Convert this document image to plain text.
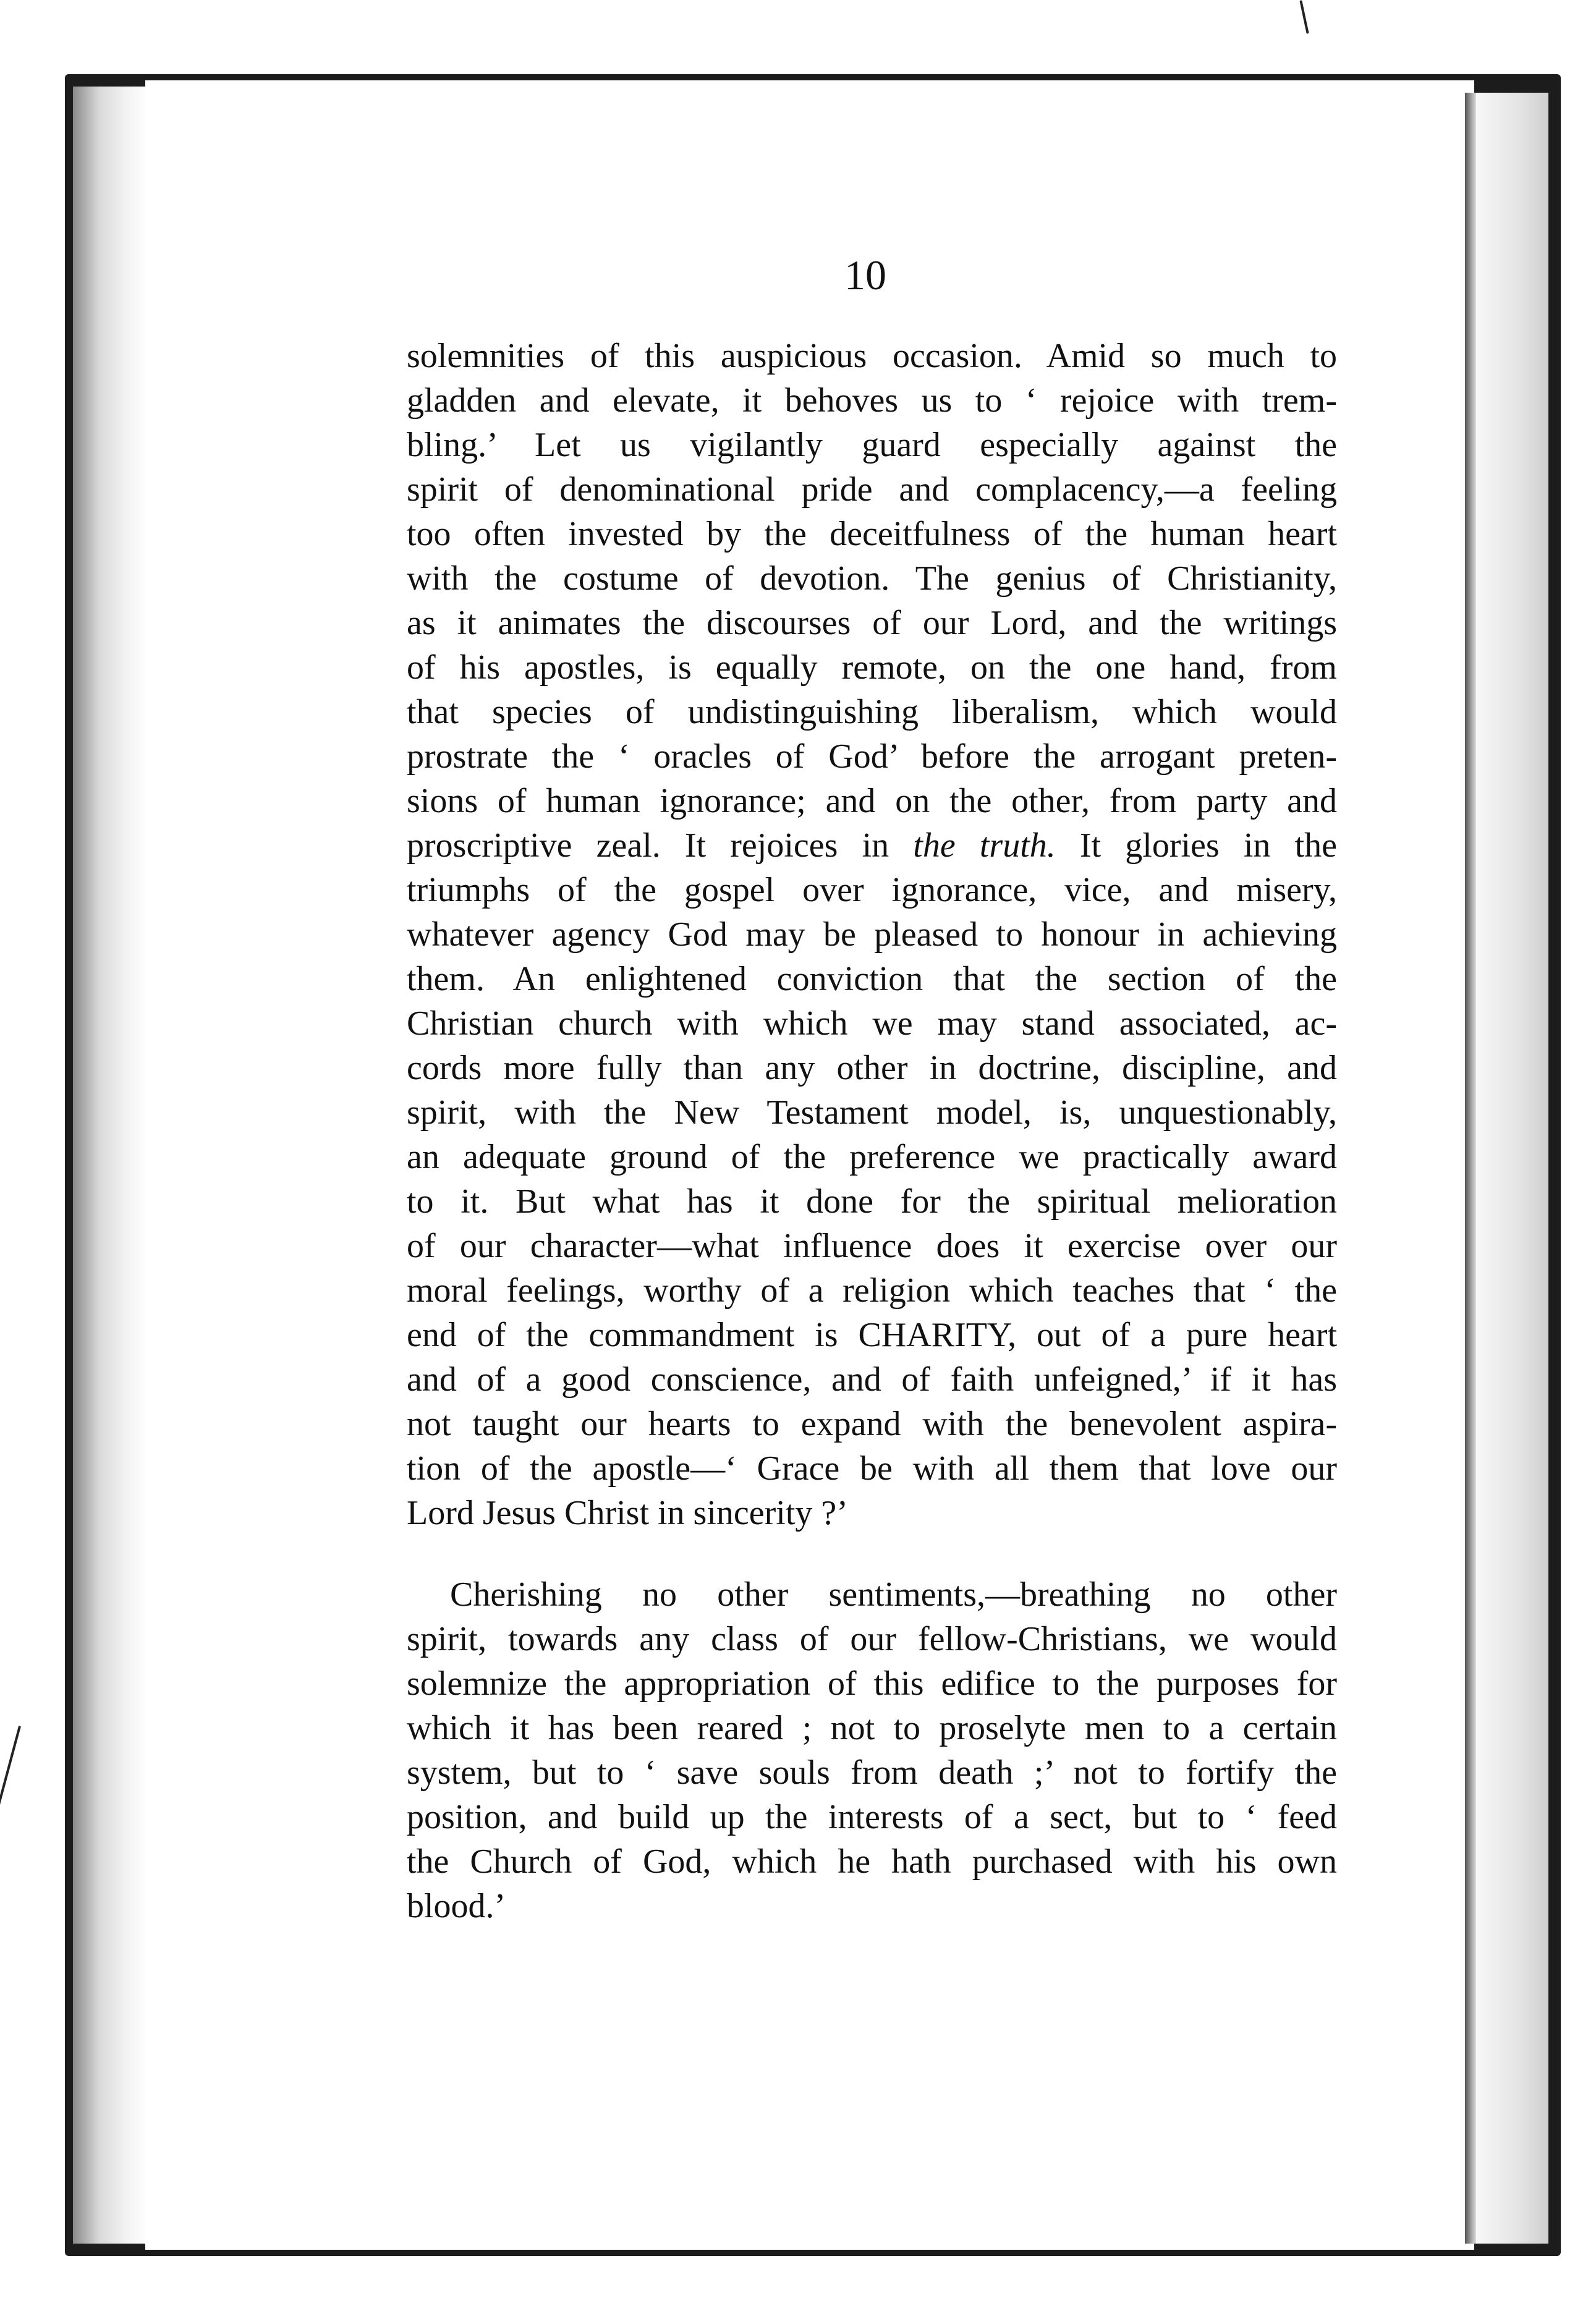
10
solemnities of this auspicious occasion. Amid so much to
gladden and elevate, it behoves us to ‘ rejoice with trem-
bling.’ Let us vigilantly guard especially against the
spirit of denominational pride and complacency,—a feeling
too often invested by the deceitfulness of the human heart
with the costume of devotion. The genius of Christianity,
as it animates the discourses of our Lord, and the writings
of his apostles, is equally remote, on the one hand, from
that species of undistinguishing liberalism, which would
prostrate the ‘ oracles of God’ before the arrogant preten-
sions of human ignorance; and on the other, from party and
proscriptive zeal. It rejoices in the truth. It glories in the
triumphs of the gospel over ignorance, vice, and misery,
whatever agency God may be pleased to honour in achieving
them. An enlightened conviction that the section of the
Christian church with which we may stand associated, ac-
cords more fully than any other in doctrine, discipline, and
spirit, with the New Testament model, is, unquestionably,
an adequate ground of the preference we practically award
to it. But what has it done for the spiritual melioration
of our character—what influence does it exercise over our
moral feelings, worthy of a religion which teaches that ‘ the
end of the commandment is CHARITY, out of a pure heart
and of a good conscience, and of faith unfeigned,’ if it has
not taught our hearts to expand with the benevolent aspira-
tion of the apostle—‘ Grace be with all them that love our
Lord Jesus Christ in sincerity ?’
Cherishing no other sentiments,—breathing no other
spirit, towards any class of our fellow-Christians, we would
solemnize the appropriation of this edifice to the purposes for
which it has been reared ; not to proselyte men to a certain
system, but to ‘ save souls from death ;’ not to fortify the
position, and build up the interests of a sect, but to ‘ feed
the Church of God, which he hath purchased with his own
blood.’
